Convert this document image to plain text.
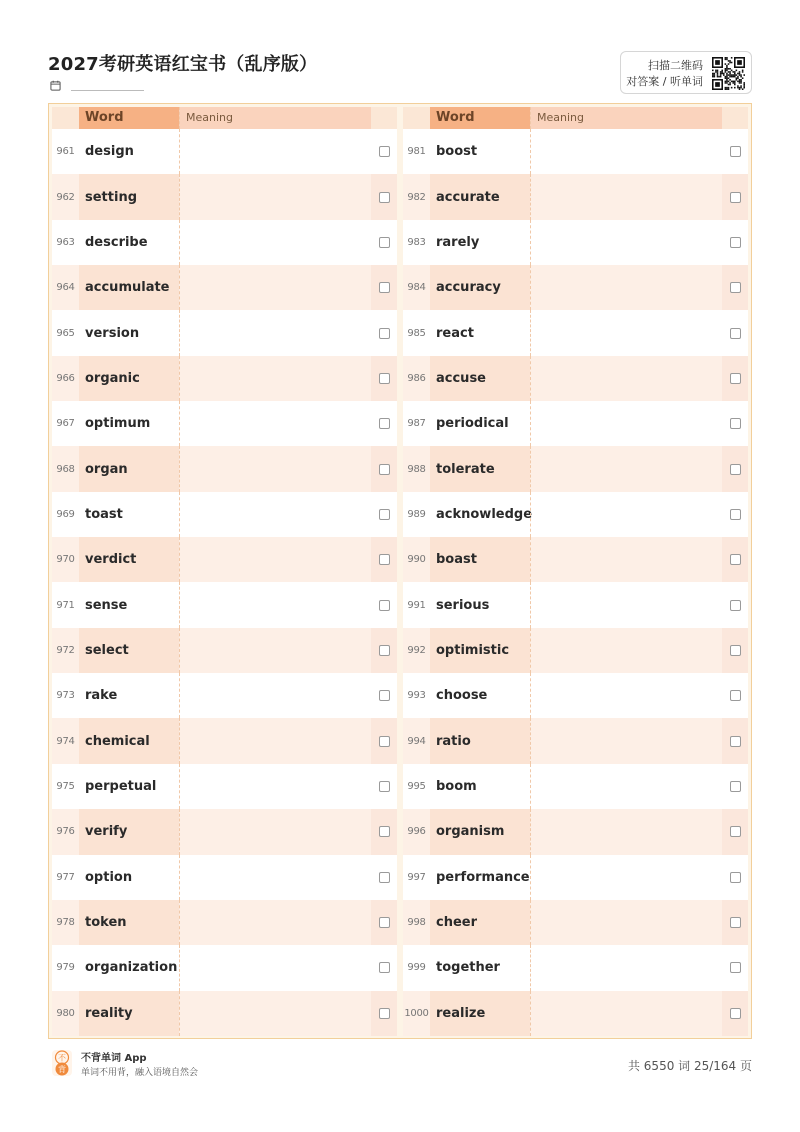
2027考研英语红宝书（乱序版）	扫描二维码
对答案 / 听单词
Word	Meaning
961 design
962 setting
963 describe
964 accumulate
965 version
966 organic
967 optimum
968 organ
969 toast
970 verdict
971 sense
972 select
973 rake
974 chemical
975 perpetual
976 verify
977 option
978 token
979 organization
980 reality
Word	Meaning
981 boost
982 accurate
983 rarely
984 accuracy
985 react
986 accuse
987 periodical
988 tolerate
989 acknowledge
990 boast
991 serious
992 optimistic
993 choose
994 ratio
995 boom
996 organism
997 performance
998 cheer
999 together
1000 realize
不
背
不背单词 App
单词不用背，融入语境自然会	共 6550 词 25/164 页
